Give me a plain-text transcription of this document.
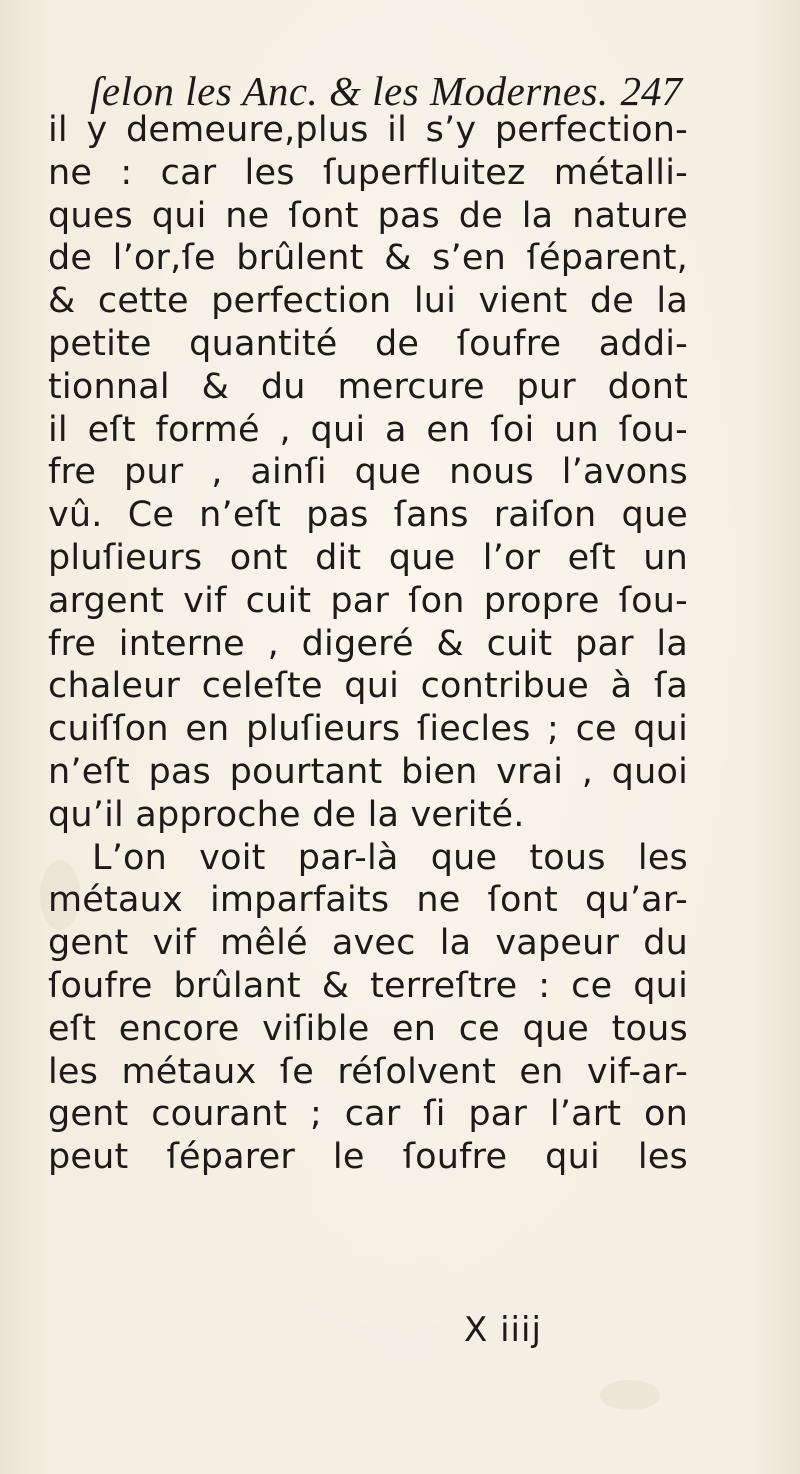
ſelon les Anc. & les Modernes. 247
il y demeure,plus il s’y perfection-
ne : car les ſuperfluitez métalli-
ques qui ne ſont pas de la nature
de l’or,ſe brûlent & s’en ſéparent,
& cette perfection lui vient de la
petite quantité de ſoufre addi-
tionnal & du mercure pur dont
il eſt formé , qui a en ſoi un ſou-
fre pur , ainſi que nous l’avons
vû. Ce n’eſt pas ſans raiſon que
pluſieurs ont dit que l’or eſt un
argent vif cuit par ſon propre ſou-
fre interne , digeré & cuit par la
chaleur celeſte qui contribue à ſa
cuiſſon en pluſieurs ſiecles ; ce qui
n’eſt pas pourtant bien vrai , quoi
qu’il approche de la verité.
L’on voit par-là que tous les
métaux imparfaits ne ſont qu’ar-
gent vif mêlé avec la vapeur du
ſoufre brûlant & terreſtre : ce qui
eſt encore viſible en ce que tous
les métaux ſe réſolvent en vif-ar-
gent courant ; car ſi par l’art on
peut ſéparer le ſoufre qui les
X iiij
